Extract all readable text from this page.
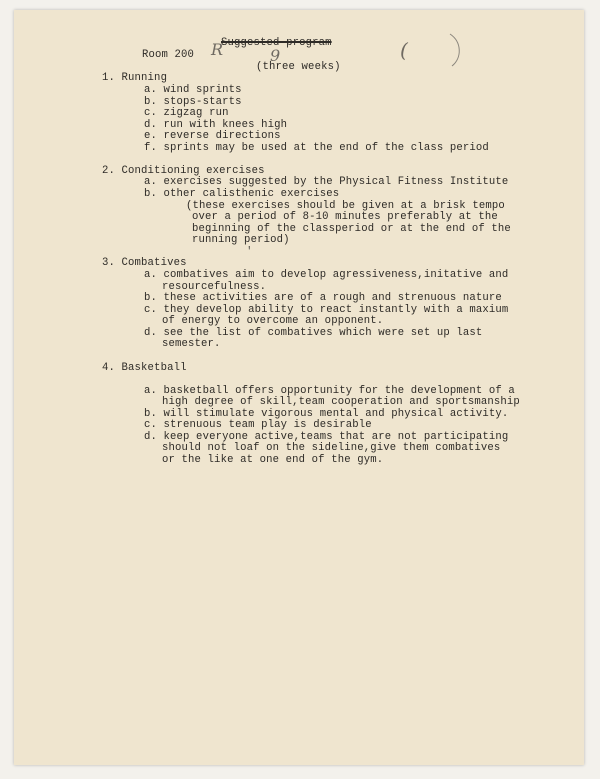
Suggested program
Room 200 R	9	(
(three weeks)
1. Running
a. wind sprints
b. stops-starts
c. zigzag run
d. run with knees high
e. reverse directions
f. sprints may be used at the end of the class period
2. Conditioning exercises
a. exercises suggested by the Physical Fitness Institute
b. other calisthenic exercises
(these exercises should be given at a brisk tempo
over a period of 8-10 minutes preferably at the
beginning of the classperiod or at the end of the
running period)
'
3. Combatives
a. combatives aim to develop agressiveness,initative and
resourcefulness.
b. these activities are of a rough and strenuous nature
c. they develop ability to react instantly with a maxium
of energy to overcome an opponent.
d. see the list of combatives which were set up last
semester.
4. Basketball
a. basketball offers opportunity for the development of a
high degree of skill,team cooperation and sportsmanship
b. will stimulate vigorous mental and physical activity.
c. strenuous team play is desirable
d. keep everyone active,teams that are not participating
should not loaf on the sideline,give them combatives
or the like at one end of the gym.
